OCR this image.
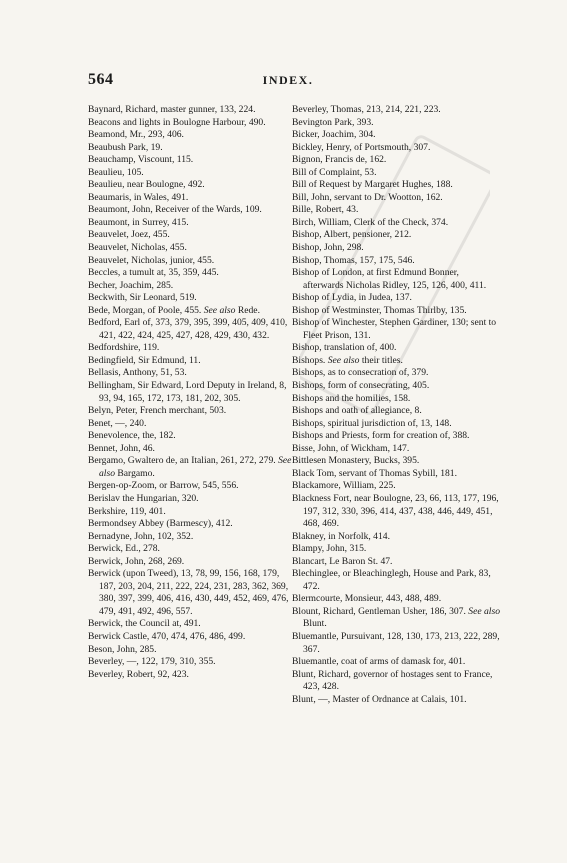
564	INDEX.

Baynard, Richard, master gunner, 133, 224.

Beacons and lights in Boulogne Harbour, 490.

Beamond, Mr., 293, 406.

Beaubush Park, 19.

Beauchamp, Viscount, 115.

Beaulieu, 105.

Beaulieu, near Boulogne, 492.

Beaumaris, in Wales, 491.

Beaumont, John, Receiver of the Wards, 109.

Beaumont, in Surrey, 415.

Beauvelet, Joez, 455.

Beauvelet, Nicholas, 455.

Beauvelet, Nicholas, junior, 455.

Beccles, a tumult at, 35, 359, 445.

Becher, Joachim, 285.

Beckwith, Sir Leonard, 519.

Bede, Morgan, of Poole, 455. See also Rede.

Bedford, Earl of, 373, 379, 395, 399, 405, 409, 410, 421, 422, 424, 425, 427, 428, 429, 430, 432.

Bedfordshire, 119.

Bedingfield, Sir Edmund, 11.

Bellasis, Anthony, 51, 53.

Bellingham, Sir Edward, Lord Deputy in Ireland, 8, 93, 94, 165, 172, 173, 181, 202, 305.

Belyn, Peter, French merchant, 503.

Benet, —, 240.

Benevolence, the, 182.

Bennet, John, 46.

Bergamo, Gwaltero de, an Italian, 261, 272, 279. See also Bargamo.

Bergen-op-Zoom, or Barrow, 545, 556.

Berislav the Hungarian, 320.

Berkshire, 119, 401.

Bermondsey Abbey (Barmescy), 412.

Bernadyne, John, 102, 352.

Berwick, Ed., 278.

Berwick, John, 268, 269.

Berwick (upon Tweed), 13, 78, 99, 156, 168, 179, 187, 203, 204, 211, 222, 224, 231, 283, 362, 369, 380, 397, 399, 406, 416, 430, 449, 452, 469, 476, 479, 491, 492, 496, 557.

Berwick, the Council at, 491.

Berwick Castle, 470, 474, 476, 486, 499.

Beson, John, 285.

Beverley, —, 122, 179, 310, 355.

Beverley, Robert, 92, 423.

Beverley, Thomas, 213, 214, 221, 223.

Bevington Park, 393.

Bicker, Joachim, 304.

Bickley, Henry, of Portsmouth, 307.

Bignon, Francis de, 162.

Bill of Complaint, 53.

Bill of Request by Margaret Hughes, 188.

Bill, John, servant to Dr. Wootton, 162.

Bille, Robert, 43.

Birch, William, Clerk of the Check, 374.

Bishop, Albert, pensioner, 212.

Bishop, John, 298.

Bishop, Thomas, 157, 175, 546.

Bishop of London, at first Edmund Bonner, afterwards Nicholas Ridley, 125, 126, 400, 411.

Bishop of Lydia, in Judea, 137.

Bishop of Westminster, Thomas Thirlby, 135.

Bishop of Winchester, Stephen Gardiner, 130; sent to Fleet Prison, 131.

Bishop, translation of, 400.

Bishops. See also their titles.

Bishops, as to consecration of, 379.

Bishops, form of consecrating, 405.

Bishops and the homilies, 158.

Bishops and oath of allegiance, 8.

Bishops, spiritual jurisdiction of, 13, 148.

Bishops and Priests, form for creation of, 388.

Bisse, John, of Wickham, 147.

Bittlesen Monastery, Bucks, 395.

Black Tom, servant of Thomas Sybill, 181.

Blackamore, William, 225.

Blackness Fort, near Boulogne, 23, 66, 113, 177, 196, 197, 312, 330, 396, 414, 437, 438, 446, 449, 451, 468, 469.

Blakney, in Norfolk, 414.

Blampy, John, 315.

Blancart, Le Baron St. 47.

Blechinglee, or Bleachinglegh, House and Park, 83, 472.

Blermcourte, Monsieur, 443, 488, 489.

Blount, Richard, Gentleman Usher, 186, 307. See also Blunt.

Bluemantle, Pursuivant, 128, 130, 173, 213, 222, 289, 367.

Bluemantle, coat of arms of damask for, 401.

Blunt, Richard, governor of hostages sent to France, 423, 428.

Blunt, —, Master of Ordnance at Calais, 101.
